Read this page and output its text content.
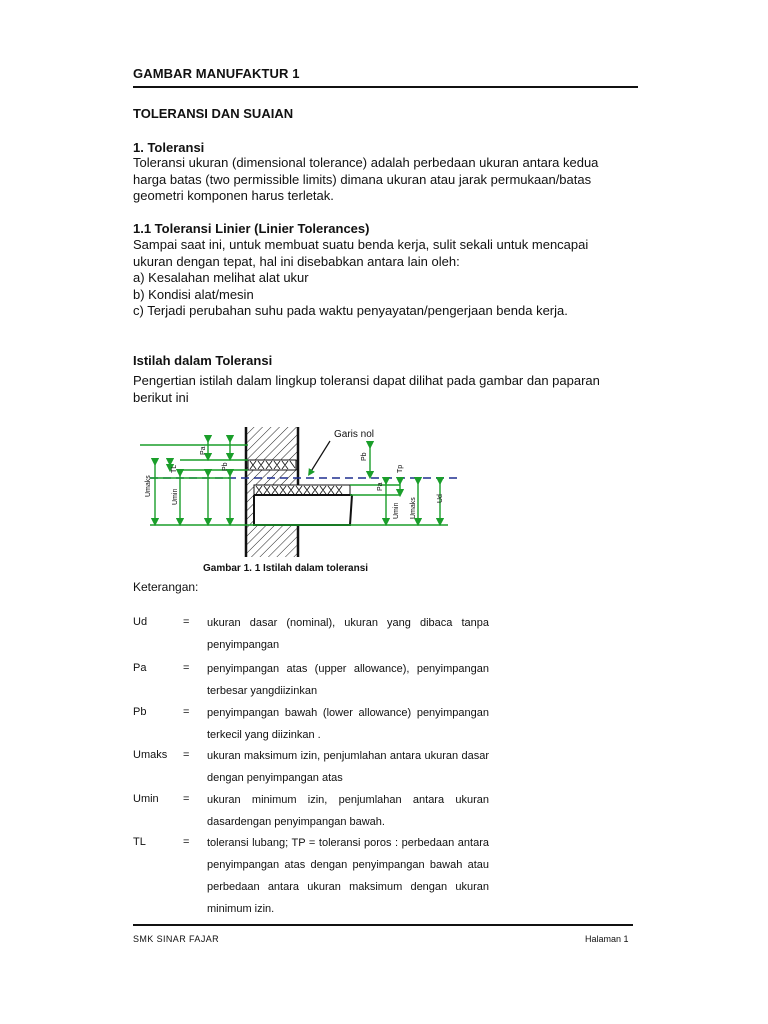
GAMBAR MANUFAKTUR 1
TOLERANSI DAN SUAIAN
1. Toleransi
Toleransi ukuran (dimensional tolerance) adalah perbedaan ukuran antara kedua
harga batas (two permissible limits) dimana ukuran atau jarak permukaan/batas
geometri komponen harus terletak.
1.1 Toleransi Linier (Linier Tolerances)
Sampai saat ini, untuk membuat suatu benda kerja, sulit sekali untuk mencapai
ukuran dengan tepat, hal ini disebabkan antara lain oleh:
a) Kesalahan melihat alat ukur
b) Kondisi alat/mesin
c) Terjadi perubahan suhu pada waktu penyayatan/pengerjaan benda kerja.
Istilah dalam Toleransi
Pengertian istilah dalam lingkup toleransi dapat dilihat pada gambar dan paparan
berikut ini
Garis nol
Umaks	Umin
TL
Pa
Pb
Pb
Tp
Pa
Umin Umaks	Ud
Gambar 1. 1 Istilah dalam toleransi
Keterangan:
Ud	= ukuran dasar (nominal), ukuran yang dibaca tanpa penyimpangan
Pa	= penyimpangan atas (upper allowance), penyimpangan terbesar yangdiizinkan
Pb	= penyimpangan bawah (lower allowance) penyimpangan terkecil yang diizinkan .
Umaks = ukuran maksimum izin, penjumlahan antara ukuran dasar dengan penyimpangan atas
Umin = ukuran minimum izin, penjumlahan antara ukuran dasardengan penyimpangan bawah.
TL	= toleransi lubang; TP = toleransi poros : perbedaan antara penyimpangan atas dengan penyimpangan bawah atau perbedaan antara ukuran maksimum dengan ukuran minimum izin.
SMK SINAR FAJAR	Halaman 1
